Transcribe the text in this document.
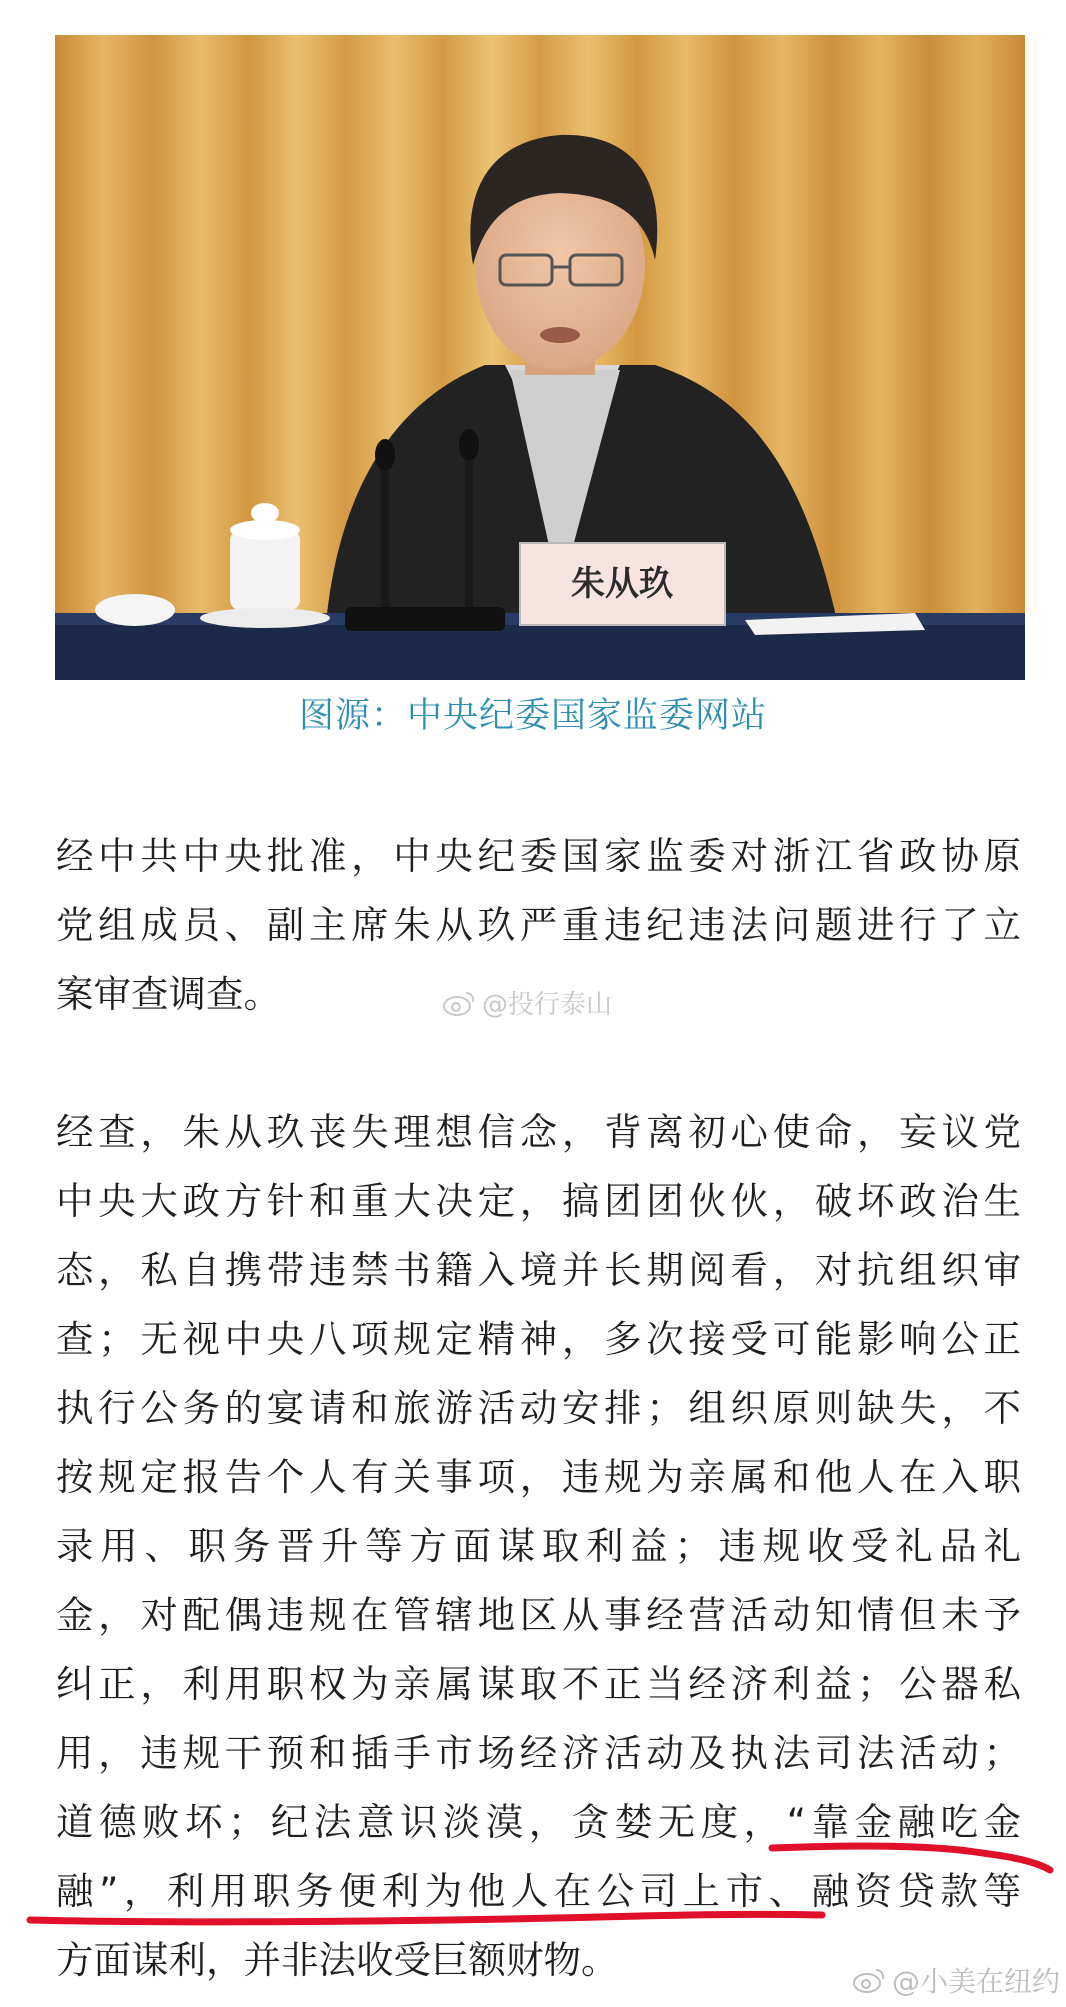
朱从玖
图源：中央纪委国家监委网站

经中共中央批准，中央纪委国家监委对浙江省政协原
党组成员、副主席朱从玖严重违纪违法问题进行了立
案审查调查。	@投行泰山

经查，朱从玖丧失理想信念，背离初心使命，妄议党
中央大政方针和重大决定，搞团团伙伙，破坏政治生
态，私自携带违禁书籍入境并长期阅看，对抗组织审
查；无视中央八项规定精神，多次接受可能影响公正
执行公务的宴请和旅游活动安排；组织原则缺失，不
按规定报告个人有关事项，违规为亲属和他人在入职
录用、职务晋升等方面谋取利益；违规收受礼品礼
金，对配偶违规在管辖地区从事经营活动知情但未予
纠正，利用职权为亲属谋取不正当经济利益；公器私
用，违规干预和插手市场经济活动及执法司法活动；
道德败坏；纪法意识淡漠，贪婪无度，“靠金融吃金
融”，利用职务便利为他人在公司上市、融资贷款等
方面谋利，并非法收受巨额财物。	@小美在纽约
